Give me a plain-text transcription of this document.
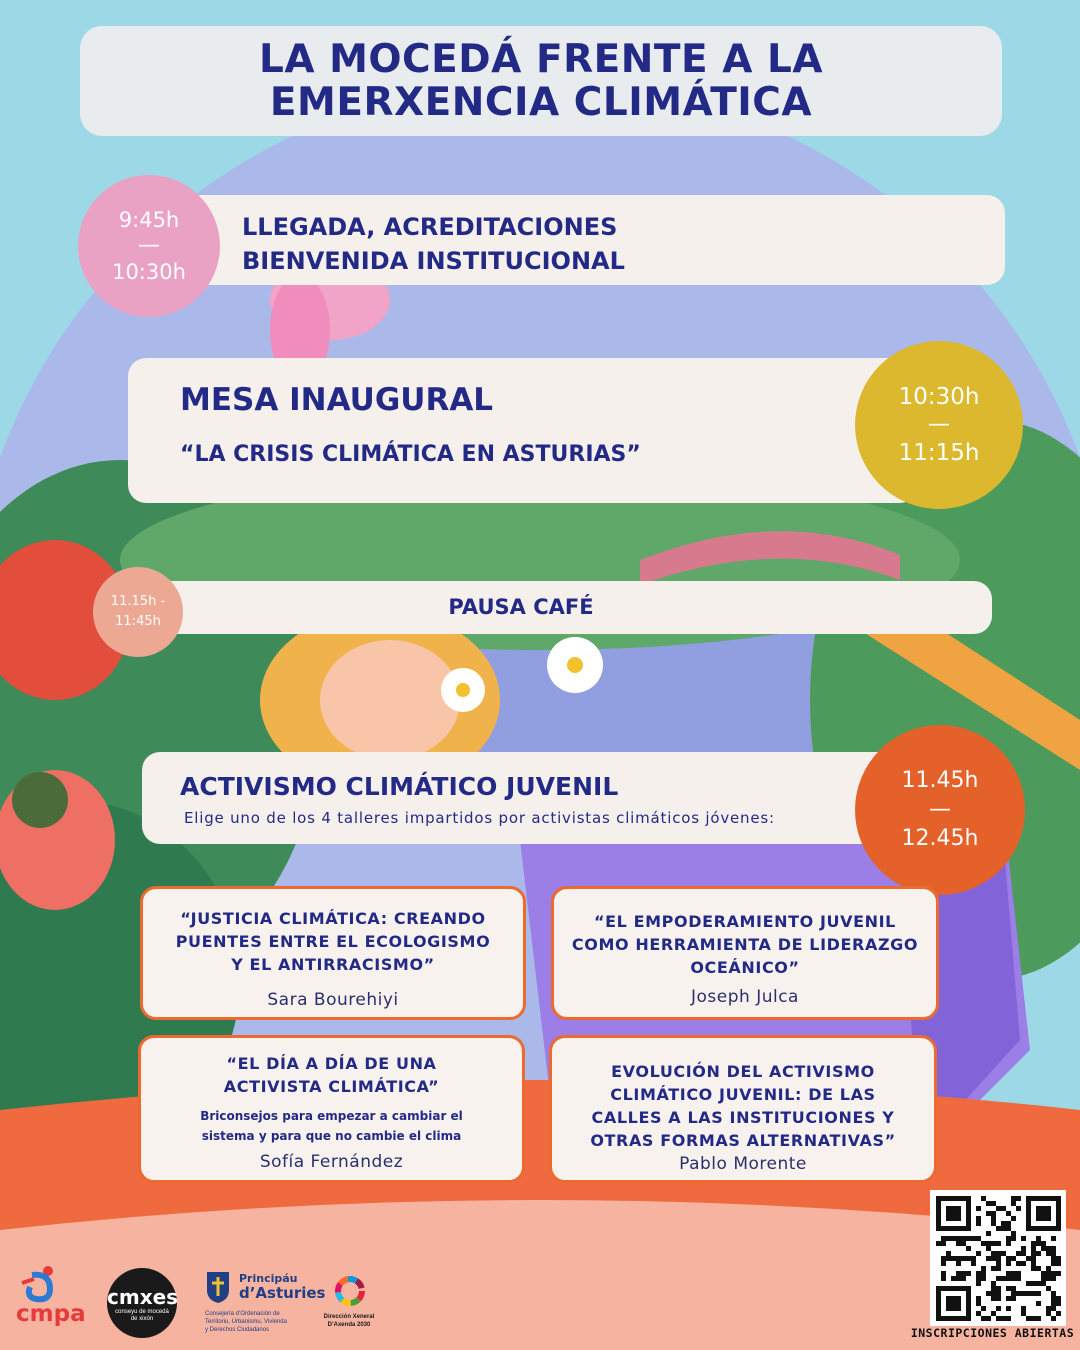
LA MOCEDÁ FRENTE A LA
EMERXENCIA CLIMÁTICA
LLEGADA, ACREDITACIONES
BIENVENIDA INSTITUCIONAL
9:45h
—
10:30h
MESA INAUGURAL
“LA CRISIS CLIMÁTICA EN ASTURIAS”
10:30h
—
11:15h
PAUSA CAFÉ
11.15h -
11:45h
ACTIVISMO CLIMÁTICO JUVENIL
Elige uno de los 4 talleres impartidos por activistas climáticos jóvenes:
11.45h
—
12.45h
“JUSTICIA CLIMÁTICA: CREANDO
PUENTES ENTRE EL ECOLOGISMO
Y EL ANTIRRACISMO”
Sara Bourehiyi
“EL EMPODERAMIENTO JUVENIL
COMO HERRAMIENTA DE LIDERAZGO
OCEÁNICO”
Joseph Julca
“EL DÍA A DÍA DE UNA
ACTIVISTA CLIMÁTICA”
Briconsejos para empezar a cambiar el
sistema y para que no cambie el clima
Sofía Fernández
EVOLUCIÓN DEL ACTIVISMO
CLIMÁTICO JUVENIL: DE LAS
CALLES A LAS INSTITUCIONES Y
OTRAS FORMAS ALTERNATIVAS”
Pablo Morente
cmpa
cmxes
conseyu de mocedá
de xixón
Principáu
d’Asturies
Consejería d’Ordenación de
Territoriu, Urbanismu, Vivienda
y Derechos Ciudadanos
Dirección Xeneral
D’Axenda 2030
INSCRIPCIONES ABIERTAS
